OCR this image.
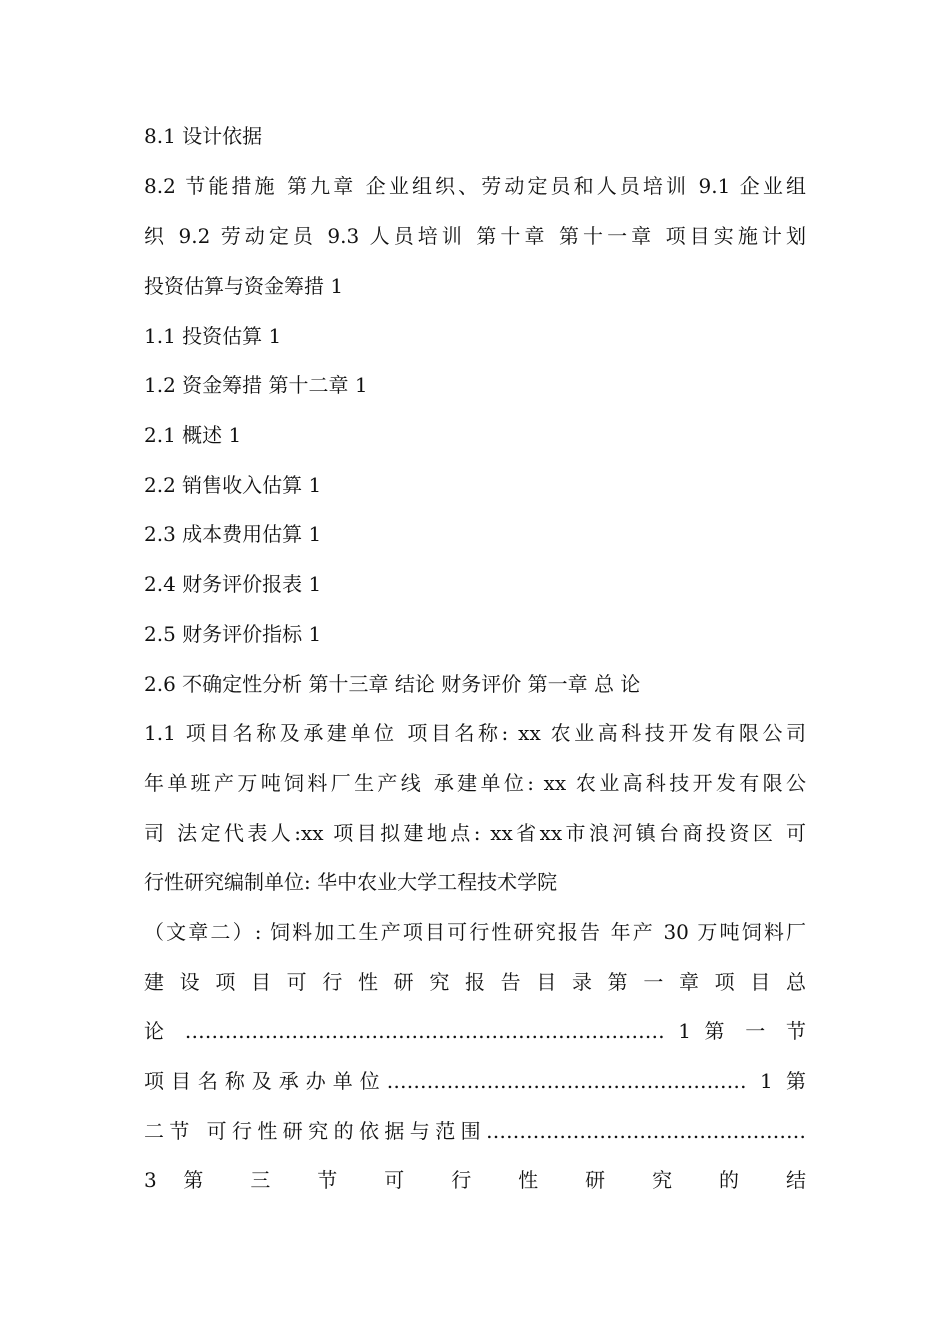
8.1 设计依据
8.2 节能措施 第九章 企业组织、劳动定员和人员培训 9.1 企业组
织 9.2 劳动定员 9.3 人员培训 第十章 第十一章 项目实施计划
投资估算与资金筹措 1
1.1 投资估算 1
1.2 资金筹措 第十二章 1
2.1 概述 1
2.2 销售收入估算 1
2.3 成本费用估算 1
2.4 财务评价报表 1
2.5 财务评价指标 1
2.6 不确定性分析 第十三章 结论 财务评价 第一章 总 论
1.1 项目名称及承建单位 项目名称: xx 农业高科技开发有限公司
年单班产万吨饲料厂生产线 承建单位: xx 农业高科技开发有限公
司 法定代表人:xx 项目拟建地点: xx省xx市浪河镇台商投资区 可
行性研究编制单位: 华中农业大学工程技术学院
（文章二）: 饲料加工生产项目可行性研究报告 年产 30 万吨饲料厂
建 设 项 目 可 行 性 研 究 报 告 目 录 第 一 章 项 目 总
论 ……………………………………………………………… 1 第 一 节
项目名称及承办单位……………………………………………… 1 第
二节 可行性研究的依据与范围…………………………………………
3 第 三 节 可 行 性 研 究 的 结
